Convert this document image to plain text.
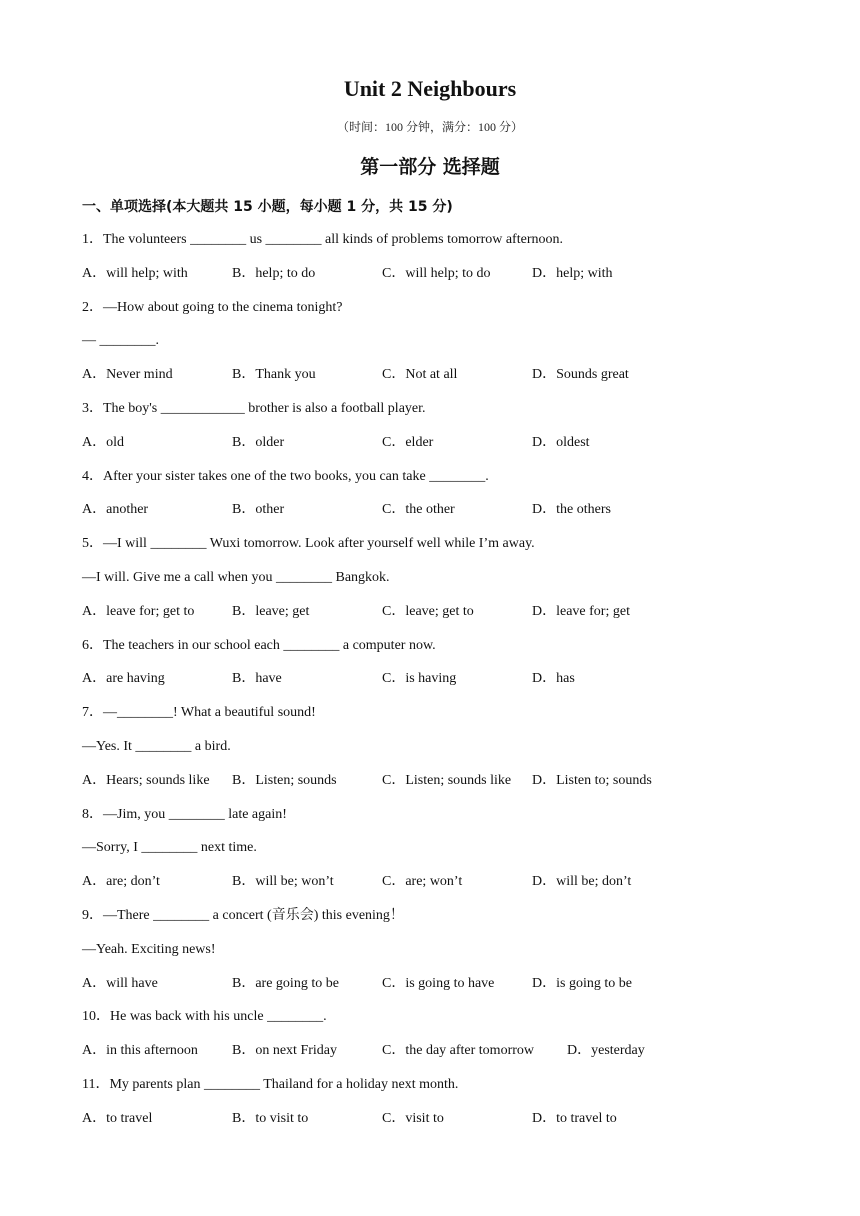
Unit 2 Neighbours
（时间：100 分钟，满分：100 分）
第一部分 选择题
一、单项选择(本大题共 15 小题，每小题 1 分，共 15 分)
1．The volunteers ________ us ________ all kinds of problems tomorrow afternoon.
A．will help; with	B．help; to do	C．will help; to do	D．help; with
2．—How about going to the cinema tonight?
— ________.
A．Never mind	B．Thank you	C．Not at all	D．Sounds great
3．The boy's ____________ brother is also a football player.
A．old	B．older	C．elder	D．oldest
4．After your sister takes one of the two books, you can take ________.
A．another	B．other	C．the other	D．the others
5．—I will ________ Wuxi tomorrow. Look after yourself well while I’m away.
—I will. Give me a call when you ________ Bangkok.
A．leave for; get to	B．leave; get	C．leave; get to	D．leave for; get
6．The teachers in our school each ________ a computer now.
A．are having	B．have	C．is having	D．has
7．—________! What a beautiful sound!
—Yes. It ________ a bird.
A．Hears; sounds like B．Listen; sounds	C．Listen; sounds like D．Listen to; sounds
8．—Jim, you ________ late again!
—Sorry, I ________ next time.
A．are; don’t	B．will be; won’t	C．are; won’t	D．will be; don’t
9．—There ________ a concert (音乐会) this evening！
—Yeah. Exciting news!
A．will have	B．are going to be	C．is going to have	D．is going to be
10．He was back with his uncle ________.
A．in this afternoon B．on next Friday	C．the day after tomorrow D．yesterday
11．My parents plan ________ Thailand for a holiday next month.
A．to travel	B．to visit to	C．visit to	D．to travel to
